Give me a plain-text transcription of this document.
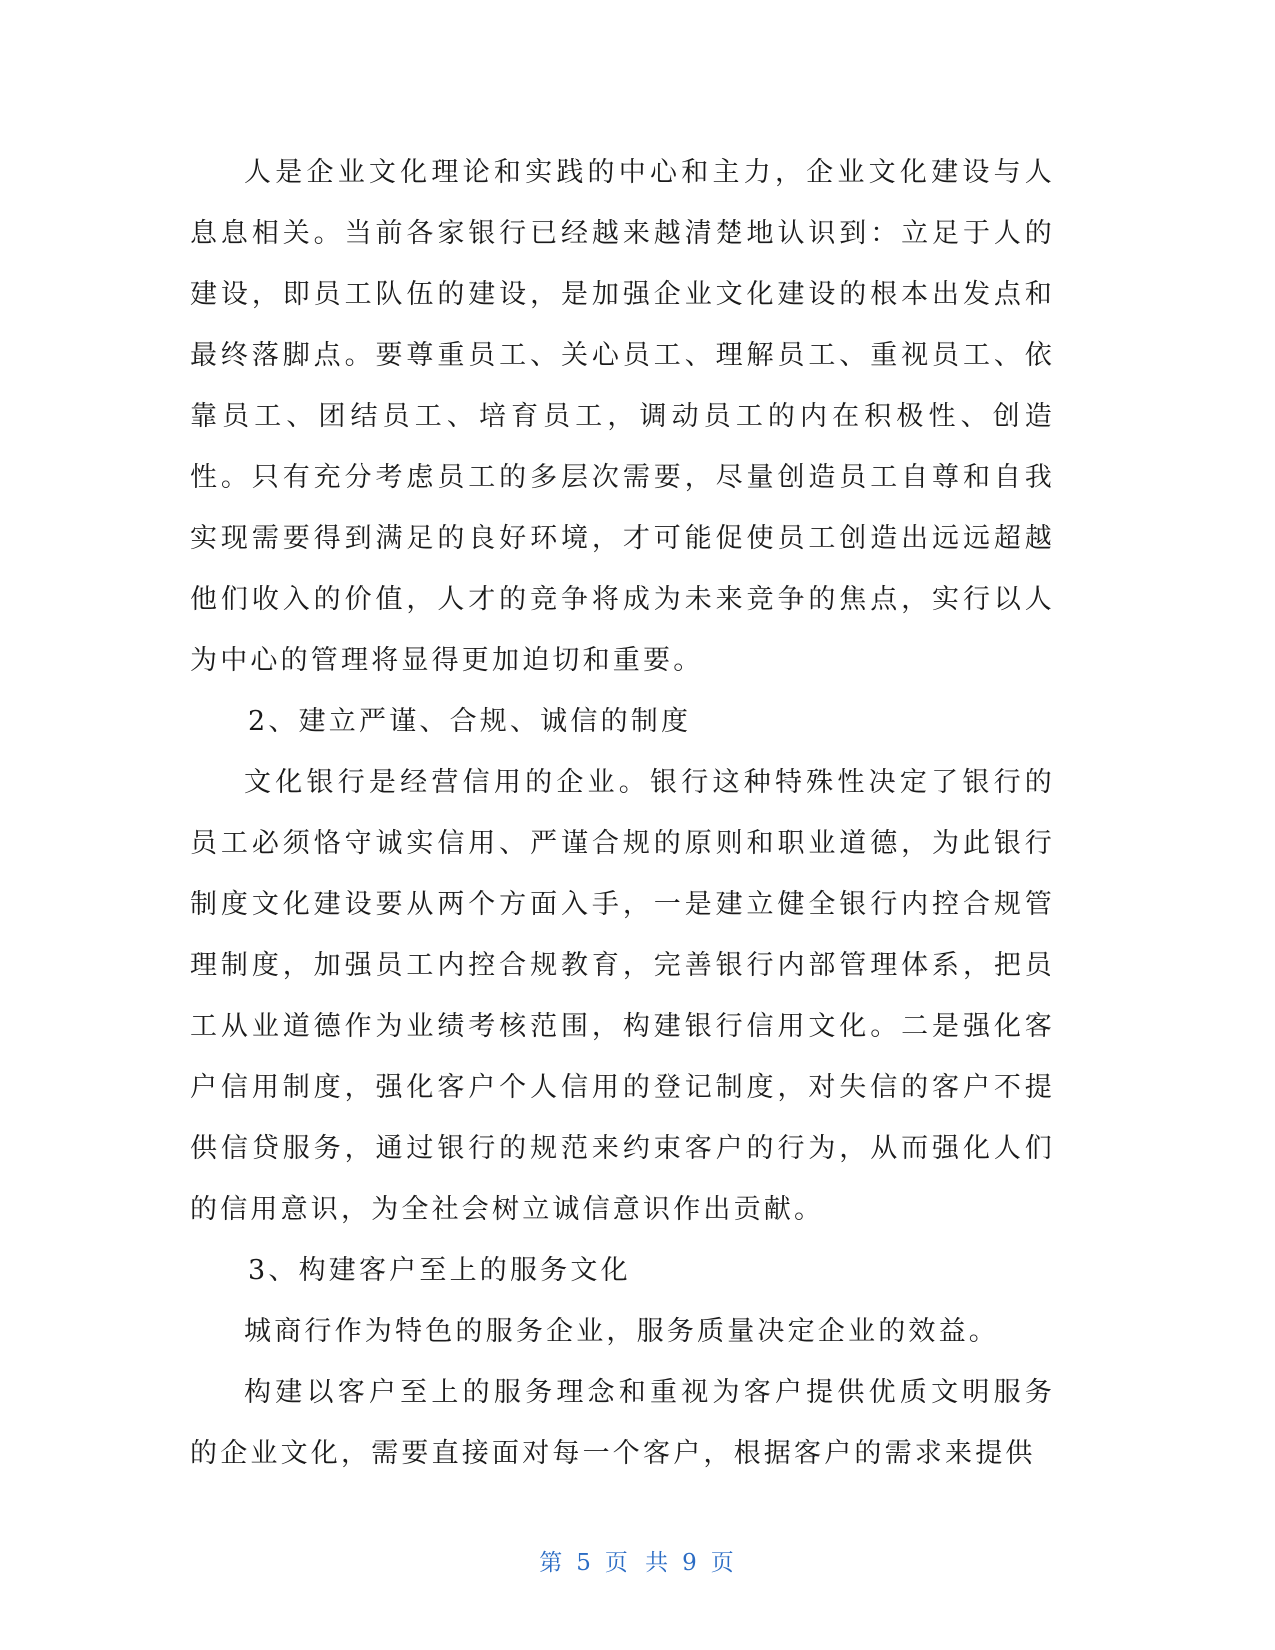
人是企业文化理论和实践的中心和主力，企业文化建设与人息息相关。当前各家银行已经越来越清楚地认识到：立足于人的建设，即员工队伍的建设，是加强企业文化建设的根本出发点和最终落脚点。要尊重员工、关心员工、理解员工、重视员工、依靠员工、团结员工、培育员工，调动员工的内在积极性、创造性。只有充分考虑员工的多层次需要，尽量创造员工自尊和自我实现需要得到满足的良好环境，才可能促使员工创造出远远超越他们收入的价值，人才的竞争将成为未来竞争的焦点，实行以人为中心的管理将显得更加迫切和重要。

2、建立严谨、合规、诚信的制度

文化银行是经营信用的企业。银行这种特殊性决定了银行的员工必须恪守诚实信用、严谨合规的原则和职业道德，为此银行制度文化建设要从两个方面入手，一是建立健全银行内控合规管理制度，加强员工内控合规教育，完善银行内部管理体系，把员工从业道德作为业绩考核范围，构建银行信用文化。二是强化客户信用制度，强化客户个人信用的登记制度，对失信的客户不提供信贷服务，通过银行的规范来约束客户的行为，从而强化人们的信用意识，为全社会树立诚信意识作出贡献。

3、构建客户至上的服务文化

城商行作为特色的服务企业，服务质量决定企业的效益。

构建以客户至上的服务理念和重视为客户提供优质文明服务的企业文化，需要直接面对每一个客户，根据客户的需求来提供

第 5 页 共 9 页
